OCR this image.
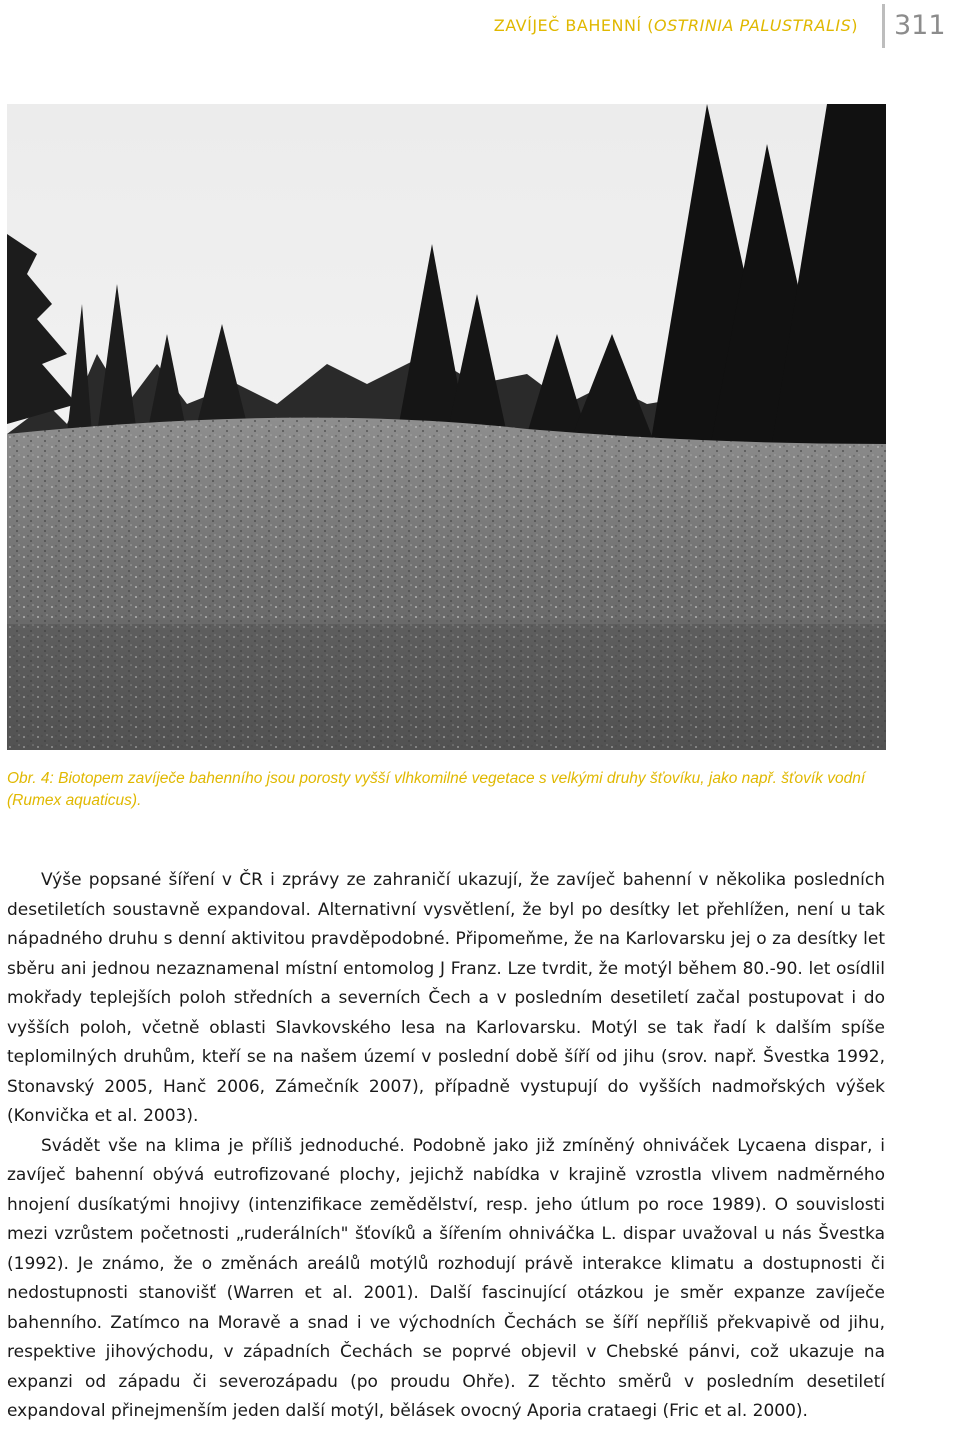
ZAVÍJEČ BAHENNÍ (OSTRINIA PALUSTRALIS) 311
Obr. 4: Biotopem zavíječe bahenního jsou porosty vyšší vlhkomilné vegetace s velkými druhy šťovíku, jako např. šťovík vodní (Rumex aquaticus).

Výše popsané šíření v ČR i zprávy ze zahraničí ukazují, že zavíječ bahenní v několika posledních desetiletích soustavně expandoval. Alternativní vysvětlení, že byl po desítky let přehlížen, není u tak nápadného druhu s denní aktivitou pravděpodobné. Připomeňme, že na Karlovarsku jej o za desítky let sběru ani jednou nezaznamenal místní entomolog J Franz. Lze tvrdit, že motýl během 80.-90. let osídlil mokřady teplejších poloh středních a severních Čech a v posledním desetiletí začal postupovat i do vyšších poloh, včetně oblasti Slavkovského lesa na Karlovarsku. Motýl se tak řadí k dalším spíše teplomilných druhům, kteří se na našem území v poslední době šíří od jihu (srov. např. Švestka 1992, Stonavský 2005, Hanč 2006, Zámečník 2007), případně vystupují do vyšších nadmořských výšek (Konvička et al. 2003).

Svádět vše na klima je příliš jednoduché. Podobně jako již zmíněný ohniváček Lycaena dispar, i zavíječ bahenní obývá eutrofizované plochy, jejichž nabídka v krajině vzrostla vlivem nadměrného hnojení dusíkatými hnojivy (intenzifikace zemědělství, resp. jeho útlum po roce 1989). O souvislosti mezi vzrůstem početnosti „ruderálních" šťovíků a šířením ohniváčka L. dispar uvažoval u nás Švestka (1992). Je známo, že o změnách areálů motýlů rozhodují právě interakce klimatu a dostupnosti či nedostupnosti stanovišť (Warren et al. 2001). Další fascinující otázkou je směr expanze zavíječe bahenního. Zatímco na Moravě a snad i ve východních Čechách se šíří nepříliš překvapivě od jihu, respektive jihovýchodu, v západních Čechách se poprvé objevil v Chebské pánvi, což ukazuje na expanzi od západu či severozápadu (po proudu Ohře). Z těchto směrů v posledním desetiletí expandoval přinejmenším jeden další motýl, bělásek ovocný Aporia crataegi (Fric et al. 2000).
